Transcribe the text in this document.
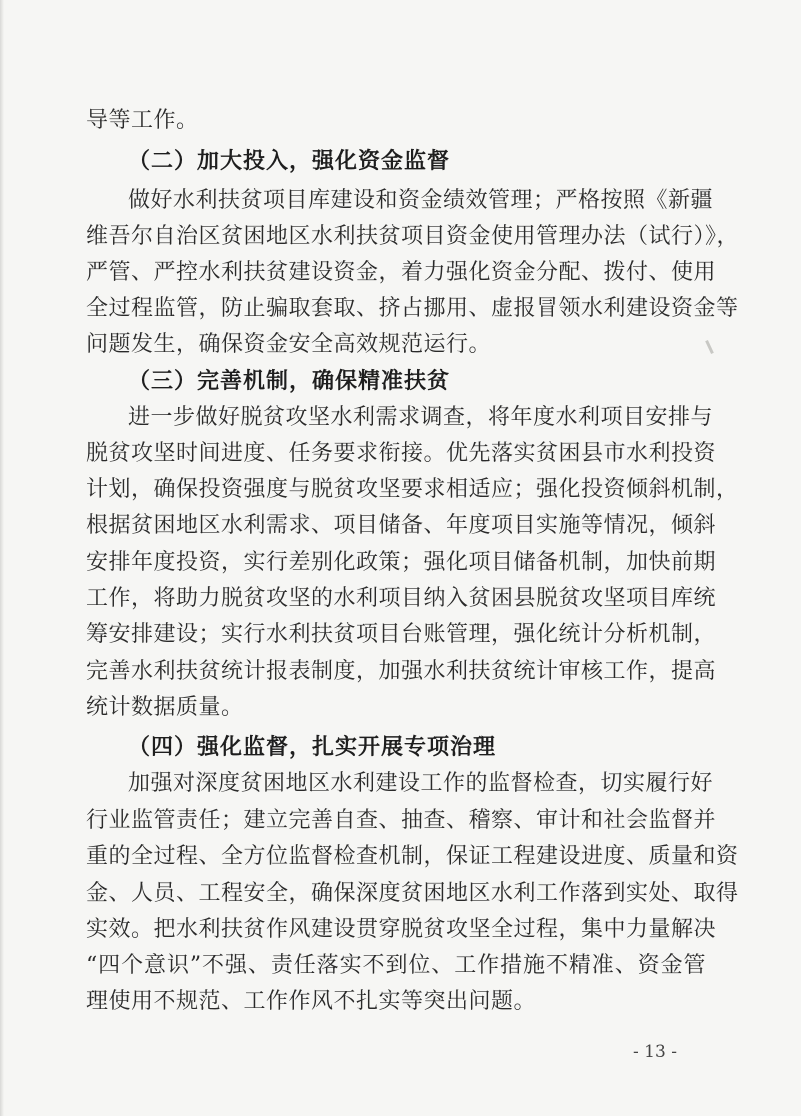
导等工作。
（二）加大投入，强化资金监督
做好水利扶贫项目库建设和资金绩效管理；严格按照《新疆
维吾尔自治区贫困地区水利扶贫项目资金使用管理办法（试行）》，
严管、严控水利扶贫建设资金，着力强化资金分配、拨付、使用
全过程监管，防止骗取套取、挤占挪用、虚报冒领水利建设资金等
问题发生，确保资金安全高效规范运行。
（三）完善机制，确保精准扶贫
进一步做好脱贫攻坚水利需求调查，将年度水利项目安排与
脱贫攻坚时间进度、任务要求衔接。优先落实贫困县市水利投资
计划，确保投资强度与脱贫攻坚要求相适应；强化投资倾斜机制，
根据贫困地区水利需求、项目储备、年度项目实施等情况，倾斜
安排年度投资，实行差别化政策；强化项目储备机制，加快前期
工作，将助力脱贫攻坚的水利项目纳入贫困县脱贫攻坚项目库统
筹安排建设；实行水利扶贫项目台账管理，强化统计分析机制，
完善水利扶贫统计报表制度，加强水利扶贫统计审核工作，提高
统计数据质量。
（四）强化监督，扎实开展专项治理
加强对深度贫困地区水利建设工作的监督检查，切实履行好
行业监管责任；建立完善自查、抽查、稽察、审计和社会监督并
重的全过程、全方位监督检查机制，保证工程建设进度、质量和资
金、人员、工程安全，确保深度贫困地区水利工作落到实处、取得
实效。把水利扶贫作风建设贯穿脱贫攻坚全过程，集中力量解决
“四个意识”不强、责任落实不到位、工作措施不精准、资金管
理使用不规范、工作作风不扎实等突出问题。
- 13 -
